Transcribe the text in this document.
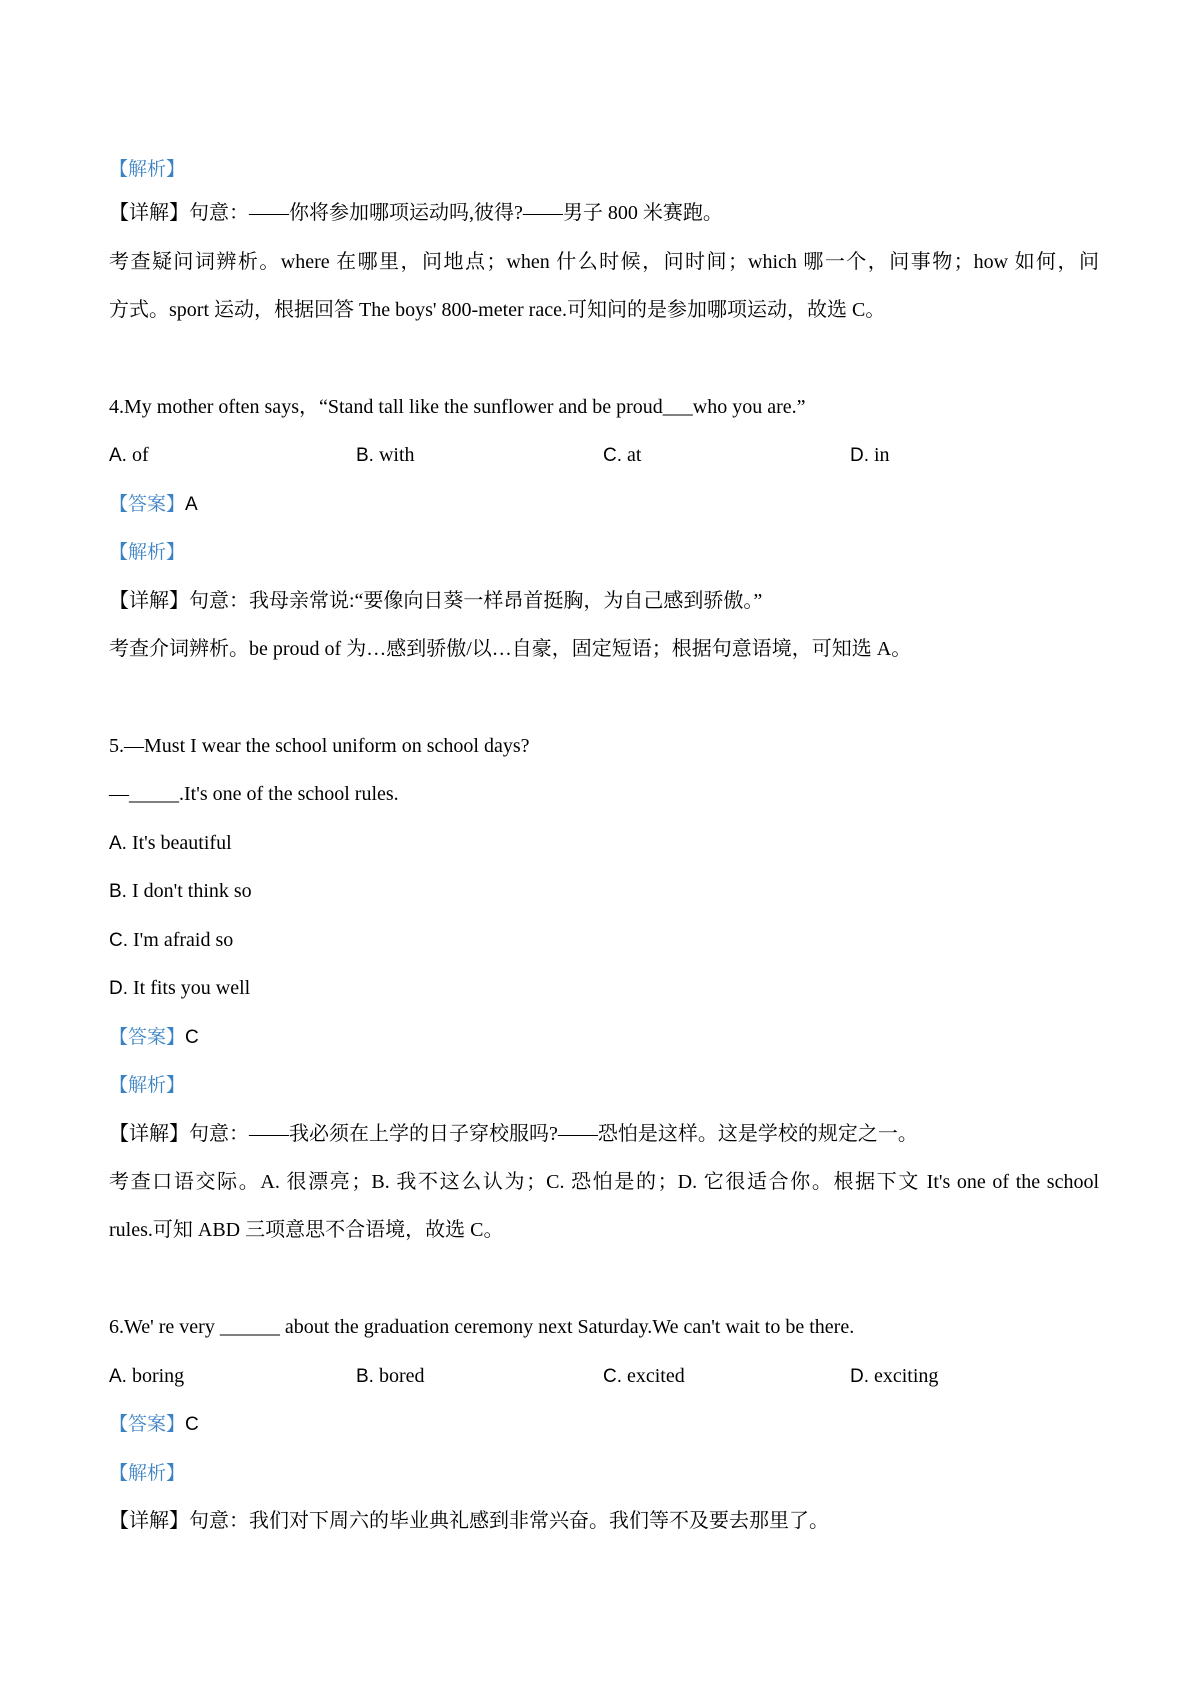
【解析】
【详解】句意：——你将参加哪项运动吗,彼得?——男子 800 米赛跑。
考查疑问词辨析。where 在哪里，问地点；when 什么时候，问时间；which 哪一个，问事物；how 如何，问
方式。sport 运动，根据回答 The boys' 800-meter race.可知问的是参加哪项运动，故选 C。
4.My mother often says，“Stand tall like the sunflower and be proud___who you are.”
A. of	B. with	C. at	D. in
【答案】A
【解析】
【详解】句意：我母亲常说:“要像向日葵一样昂首挺胸，为自己感到骄傲。”
考查介词辨析。be proud of 为…感到骄傲/以…自豪，固定短语；根据句意语境，可知选 A。
5.—Must I wear the school uniform on school days?
—_____.It's one of the school rules.
A. It's beautiful
B. I don't think so
C. I'm afraid so
D. It fits you well
【答案】C
【解析】
【详解】句意：——我必须在上学的日子穿校服吗?——恐怕是这样。这是学校的规定之一。
考查口语交际。A. 很漂亮；B. 我不这么认为；C. 恐怕是的；D. 它很适合你。根据下文 It's one of the school
rules.可知 ABD 三项意思不合语境，故选 C。
6.We' re very ______ about the graduation ceremony next Saturday.We can't wait to be there.
A. boring	B. bored	C. excited	D. exciting
【答案】C
【解析】
【详解】句意：我们对下周六的毕业典礼感到非常兴奋。我们等不及要去那里了。
